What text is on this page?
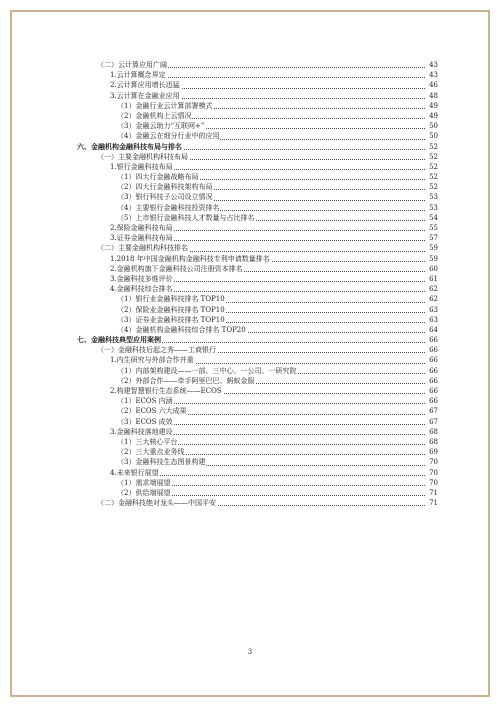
（二）云计算应用广阔	43
1.云计算概念界定	43
2.云计算应用增长迅猛	46
3.云计算在金融业应用	48
（1）金融行业云计算部署模式	49
（2）金融机构上云情况	49
（3）金融云助力“互联网+”	50
（4）金融云在细分行业中的应用	50
六、金融机构金融科技布局与排名	52
（一）主要金融机构科技布局	52
1.银行金融科技布局	52
（1）四大行金融战略布局	52
（2）四大行金融科技架构布局	52
（3）银行科技子公司设立情况	53
（4）主要银行金融科技投资排名	53
（5）上市银行金融科技人才数量与占比排名	54
2.保险金融科技布局	55
3.证券金融科技布局	57
（二）主要金融机构科技排名	59
1.2018 年中国金融机构金融科技专利申请数量排名	59
2.金融机构旗下金融科技公司注册资本排名	60
3.金融科技多维评价	61
4.金融科技综合排名	62
（1）银行业金融科技排名 TOP10	62
（2）保险业金融科技排名 TOP10	63
（3）证券业金融科技排名 TOP10	63
（4）金融机构金融科技综合排名 TOP20	64
七、金融科技典型应用案例	66
（一）金融科技后起之秀——工商银行	66
1.内生研究与外部合作并重	66
（1）内部架构建设——一部、三中心、一公司、一研究院	66
（2）外部合作——牵手阿里巴巴、蚂蚁金服	66
2.构建智慧银行生态系统——ECOS	66
（1）ECOS 内涵	66
（2）ECOS 六大成果	67
（3）ECOS 成效	67
3.金融科技落地建设	68
（1）三大核心平台	68
（2）三大重点业务线	69
（3）金融科技生态图景构建	70
4.未来银行展望	70
（1）需求端展望	70
（2）供给端展望	71
（二）金融科技绝对龙头——中国平安	71
3
